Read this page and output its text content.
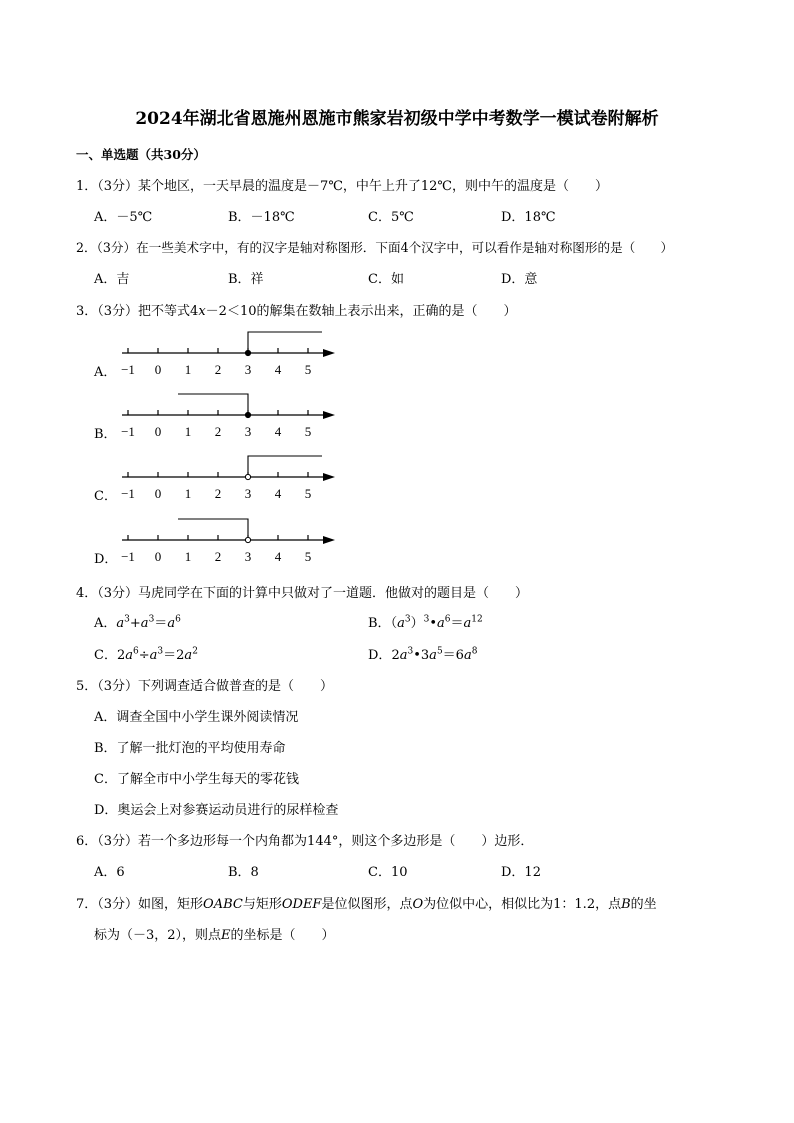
2024年湖北省恩施州恩施市熊家岩初级中学中考数学一模试卷附解析
一、单选题（共30分）
1．（3分）某个地区，一天早晨的温度是－7℃，中午上升了12℃，则中午的温度是（　　）
A．－5℃	B．－18℃	C．5℃	D．18℃
2．（3分）在一些美术字中，有的汉字是轴对称图形．下面4个汉字中，可以看作是轴对称图形的是（　　）
A．吉	B．祥	C．如	D．意
3．（3分）把不等式4x－2＜10的解集在数轴上表示出来，正确的是（　　）
A． −1 0 1 2 3 4 5
B． −1 0 1 2 3 4 5
C． −1 0 1 2 3 4 5
D． −1 0 1 2 3 4 5
4．（3分）马虎同学在下面的计算中只做对了一道题．他做对的题目是（　　）
A．$a^3+a^3=a^6$	B．$(a^3)^3•a^6=a^{12}$
C．$2a^6\div a^3=2a^2$	D．$2a^3•3a^5=6a^8$
5．（3分）下列调查适合做普查的是（　　）
A．调查全国中小学生课外阅读情况
B．了解一批灯泡的平均使用寿命
C．了解全市中小学生每天的零花钱
D．奥运会上对参赛运动员进行的尿样检查
6．（3分）若一个多边形每一个内角都为144°，则这个多边形是（　　）边形．
A．6	B．8	C．10	D．12
7．（3分）如图，矩形OABC与矩形ODEF是位似图形，点O为位似中心，相似比为1：1.2，点B的坐
标为（－3，2），则点E的坐标是（　　）
